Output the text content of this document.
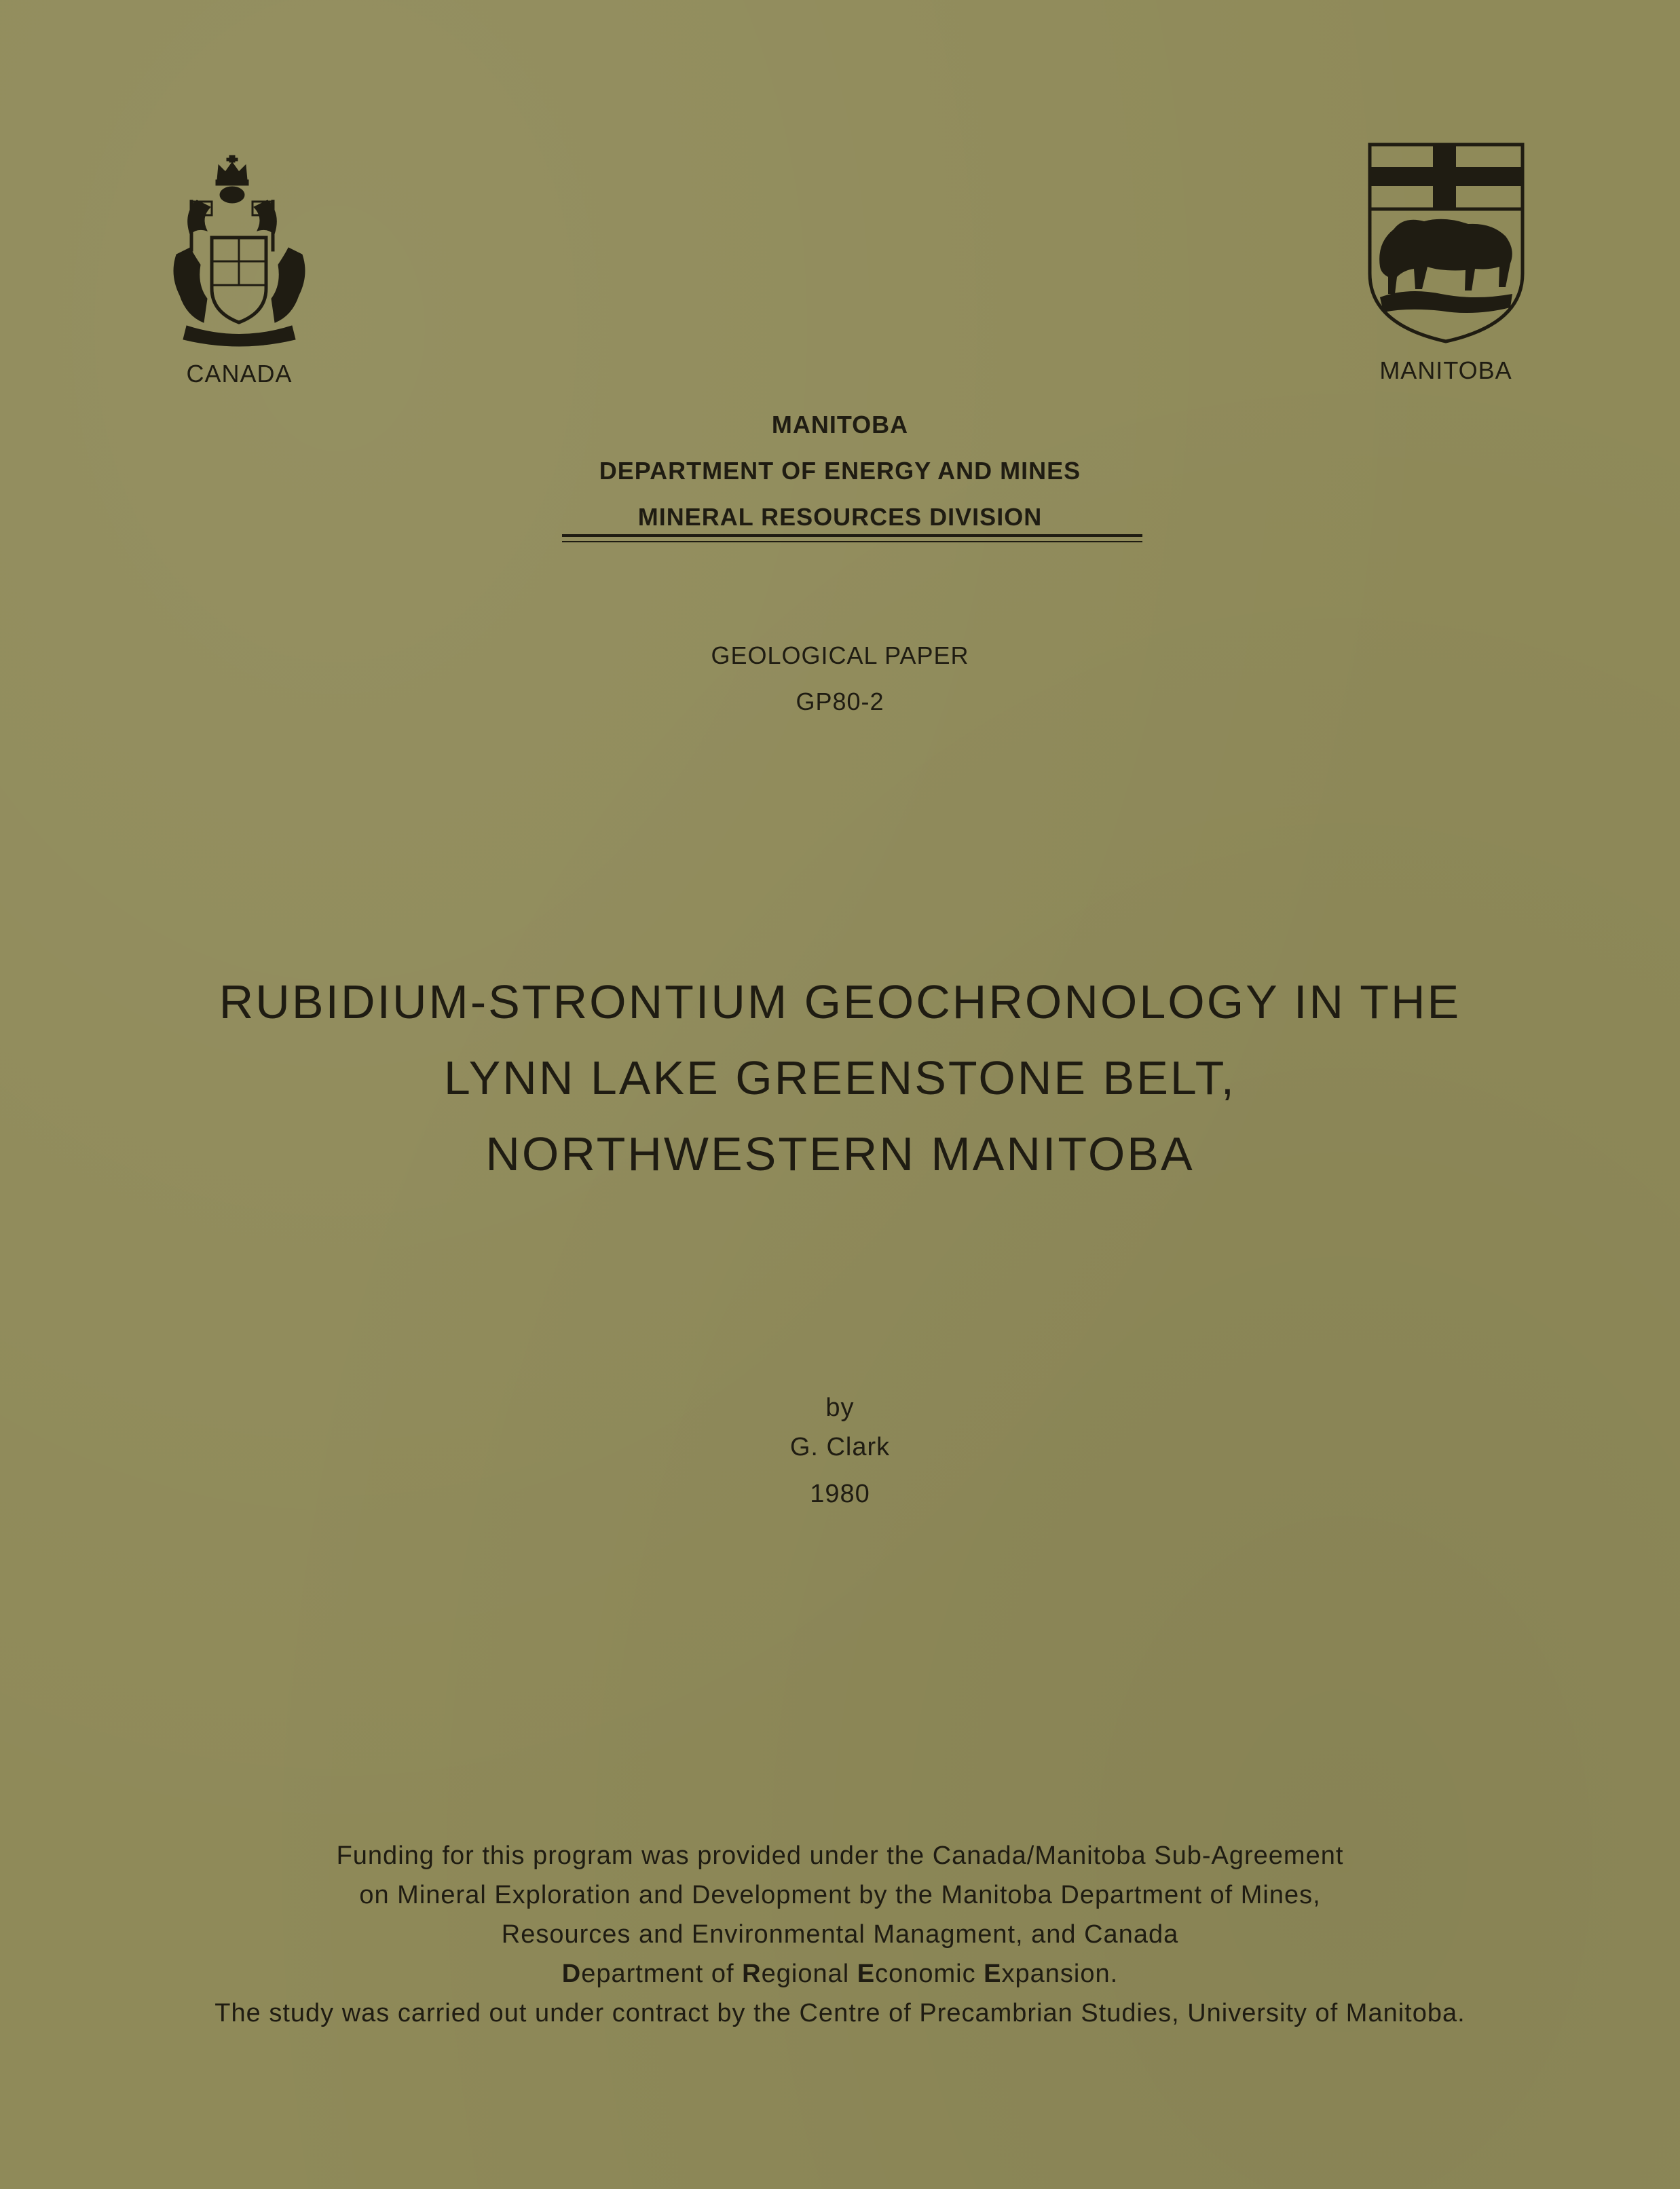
CANADA	MANITOBA
MANITOBA
DEPARTMENT OF ENERGY AND MINES
MINERAL RESOURCES DIVISION
GEOLOGICAL PAPER
GP80-2
RUBIDIUM-STRONTIUM GEOCHRONOLOGY IN THE
LYNN LAKE GREENSTONE BELT,
NORTHWESTERN MANITOBA
by
G. Clark
1980
Funding for this program was provided under the Canada/Manitoba Sub-Agreement
on Mineral Exploration and Development by the Manitoba Department of Mines,
Resources and Environmental Managment, and Canada
Department of Regional Economic Expansion.
The study was carried out under contract by the Centre of Precambrian Studies, University of Manitoba.
